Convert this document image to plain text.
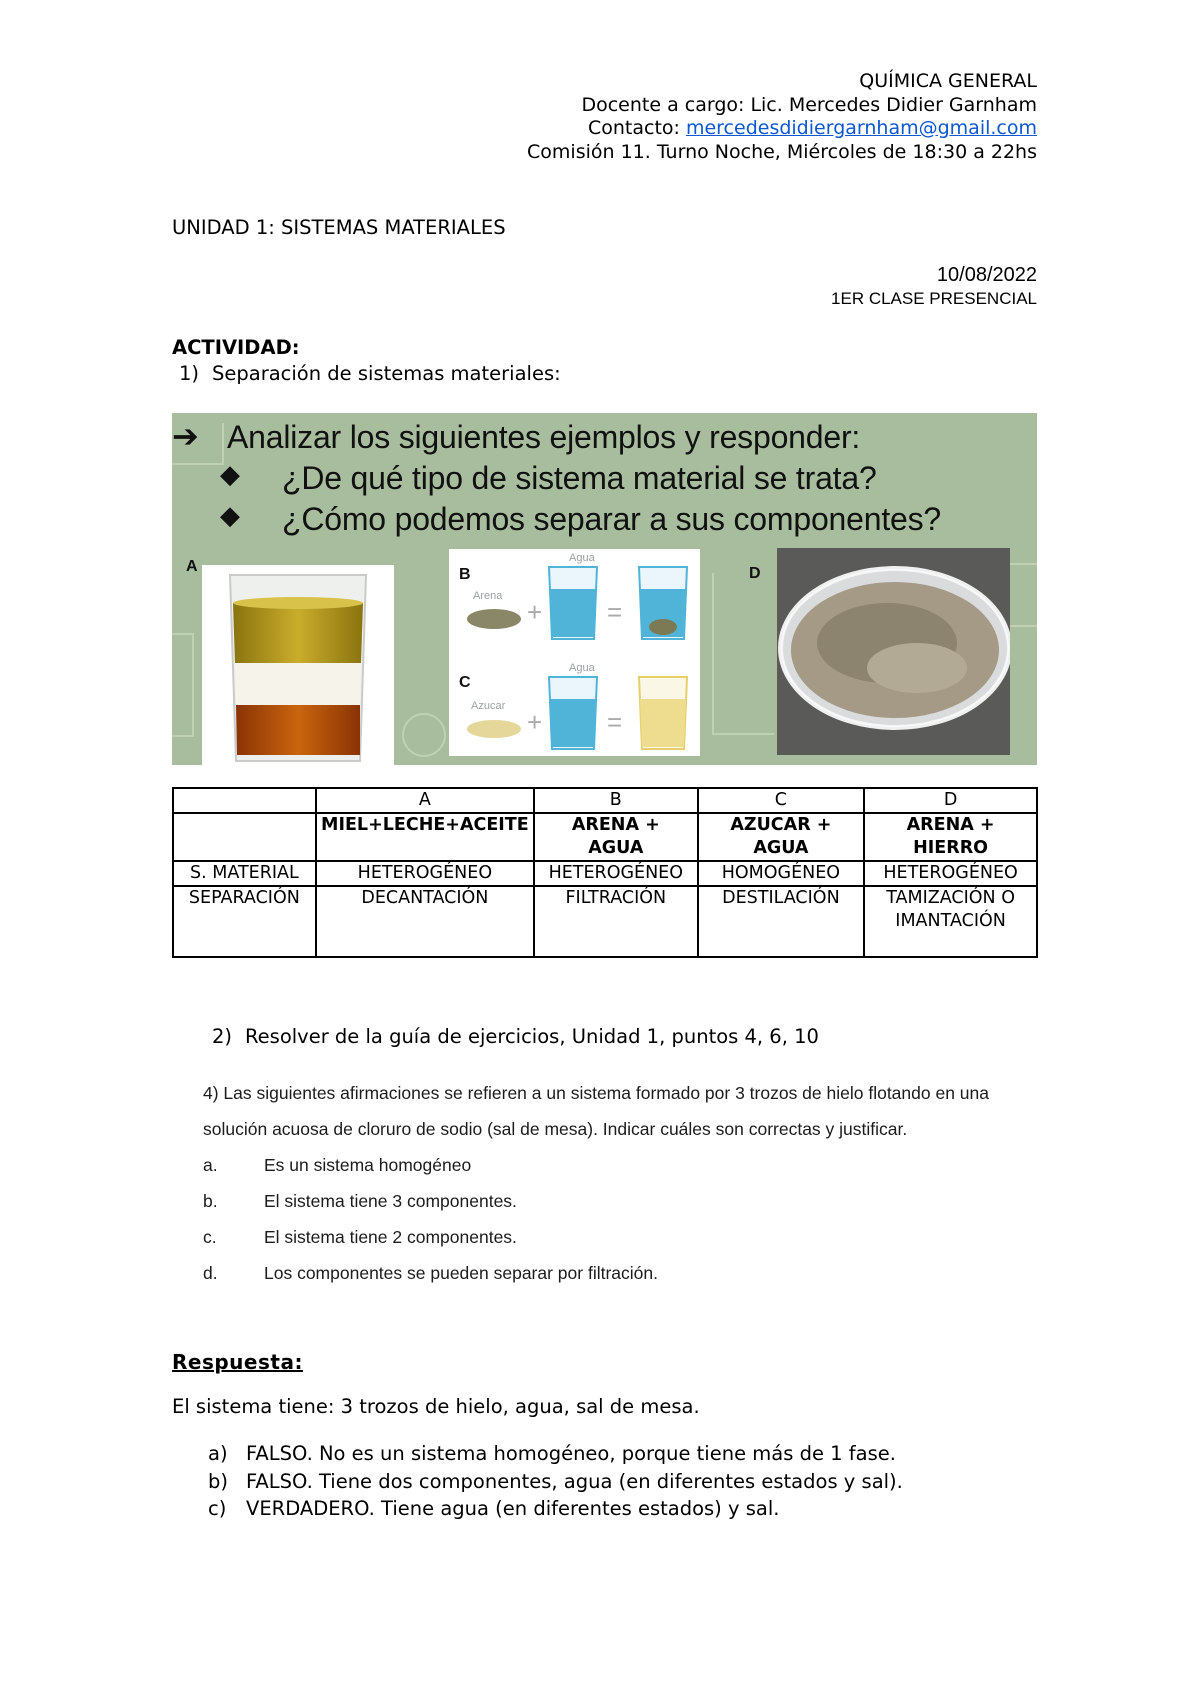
QUÍMICA GENERAL
Docente a cargo: Lic. Mercedes Didier Garnham
Contacto: mercedesdidiergarnham@gmail.com
Comisión 11. Turno Noche, Miércoles de 18:30 a 22hs
UNIDAD 1: SISTEMAS MATERIALES
10/08/2022
1ER CLASE PRESENCIAL
ACTIVIDAD:
1) Separación de sistemas materiales:
➔ Analizar los siguientes ejemplos y responder:
◆ ¿De qué tipo de sistema material se trata?
◆ ¿Cómo podemos separar a sus componentes?
A	D
B
Agua
Arena
+ =
C
Agua
Azucar
+ =
	A	B	C	D
	MIEL+LECHE+ACEITE	ARENA + AGUA	AZUCAR + AGUA	ARENA + HIERRO
S. MATERIAL	HETEROGÉNEO	HETEROGÉNEO	HOMOGÉNEO	HETEROGÉNEO
SEPARACIÓN	DECANTACIÓN	FILTRACIÓN	DESTILACIÓN	TAMIZACIÓN O IMANTACIÓN
2) Resolver de la guía de ejercicios, Unidad 1, puntos 4, 6, 10
4) Las siguientes afirmaciones se refieren a un sistema formado por 3 trozos de hielo flotando en una solución acuosa de cloruro de sodio (sal de mesa). Indicar cuáles son correctas y justificar.
a.	Es un sistema homogéneo
b.	El sistema tiene 3 componentes.
c.	El sistema tiene 2 componentes.
d.	Los componentes se pueden separar por filtración.
Respuesta:
El sistema tiene: 3 trozos de hielo, agua, sal de mesa.
a) FALSO. No es un sistema homogéneo, porque tiene más de 1 fase.
b) FALSO. Tiene dos componentes, agua (en diferentes estados y sal).
c)	VERDADERO. Tiene agua (en diferentes estados) y sal.
